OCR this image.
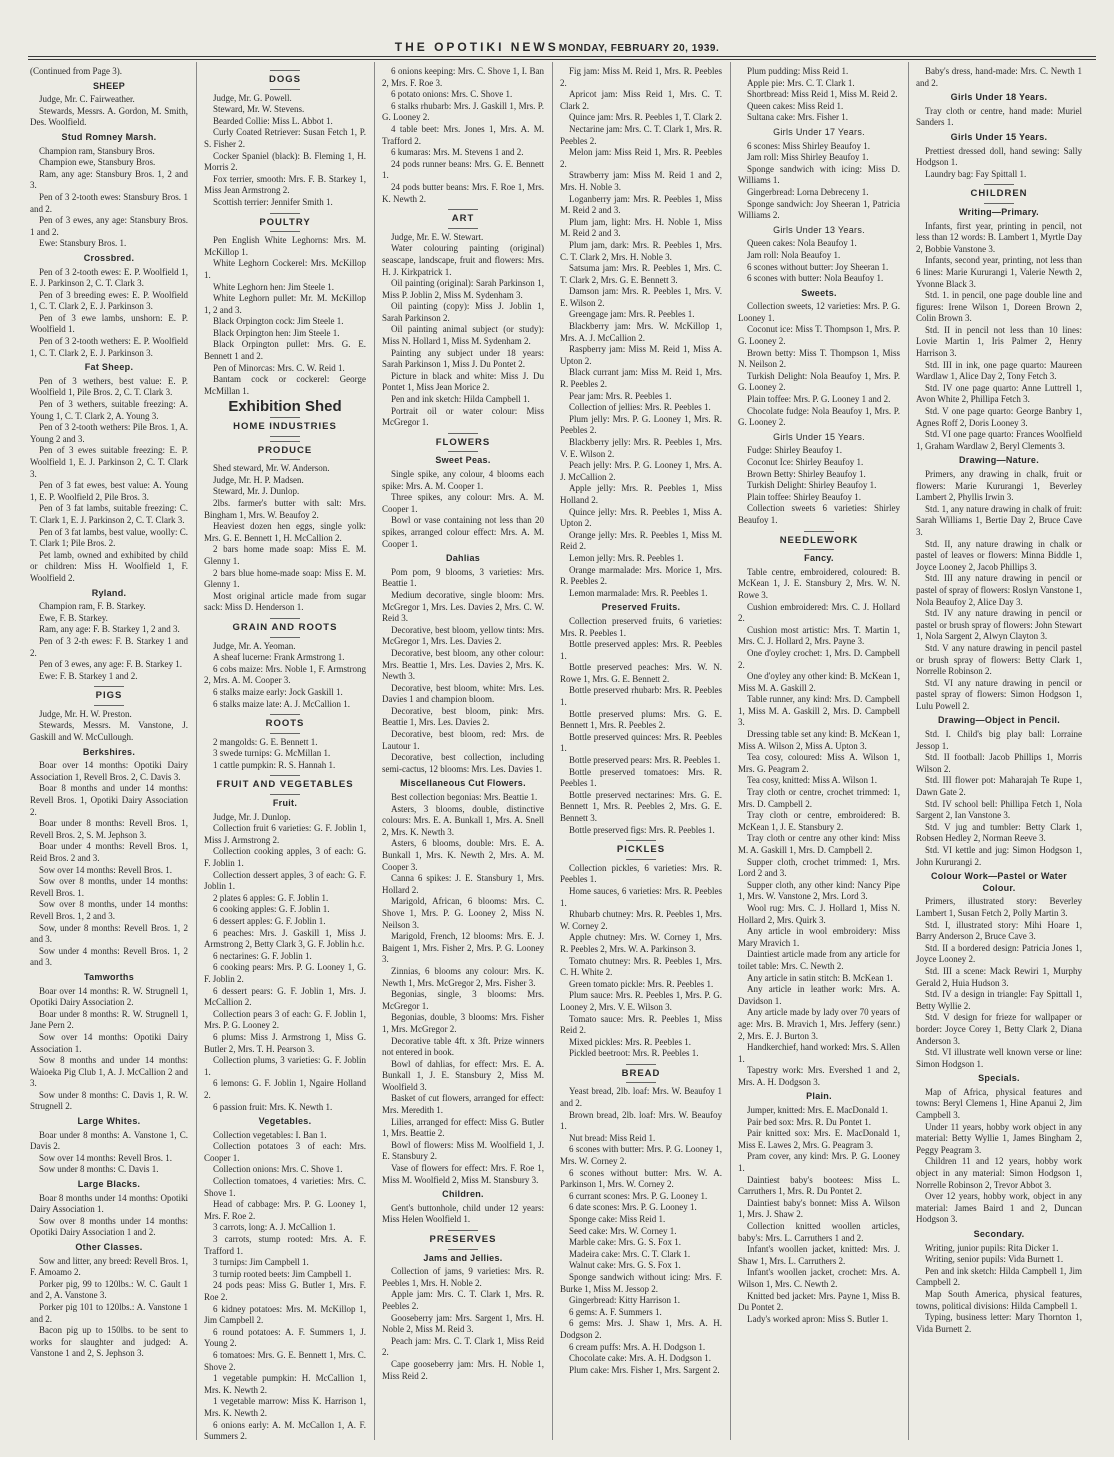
THE OPOTIKI NEWSMONDAY, FEBRUARY 20, 1939.

(Continued from Page 3).

SHEEP

Judge, Mr. C. Fairweather.

Stewards, Messrs. A. Gordon, M. Smith, Des. Woolfield.

Stud Romney Marsh.

Champion ram, Stansbury Bros.

Champion ewe, Stansbury Bros.

Ram, any age: Stansbury Bros. 1, 2 and 3.

Pen of 3 2-tooth ewes: Stansbury Bros. 1 and 2.

Pen of 3 ewes, any age: Stansbury Bros. 1 and 2.

Ewe: Stansbury Bros. 1.

Crossbred.

Pen of 3 2-tooth ewes: E. P. Woolfield 1, E. J. Parkinson 2, C. T. Clark 3.

Pen of 3 breeding ewes: E. P. Woolfield 1, C. T. Clark 2, E. J. Parkinson 3.

Pen of 3 ewe lambs, unshorn: E. P. Woolfield 1.

Pen of 3 2-tooth wethers: E. P. Woolfield 1, C. T. Clark 2, E. J. Parkinson 3.

Fat Sheep.

Pen of 3 wethers, best value: E. P. Woolfield 1, Pile Bros. 2, C. T. Clark 3.

Pen of 3 wethers, suitable freezing: A. Young 1, C. T. Clark 2, A. Young 3.

Pen of 3 2-tooth wethers: Pile Bros. 1, A. Young 2 and 3.

Pen of 3 ewes suitable freezing: E. P. Woolfield 1, E. J. Parkinson 2, C. T. Clark 3.

Pen of 3 fat ewes, best value: A. Young 1, E. P. Woolfield 2, Pile Bros. 3.

Pen of 3 fat lambs, suitable freezing: C. T. Clark 1, E. J. Parkinson 2, C. T. Clark 3.

Pen of 3 fat lambs, best value, woolly: C. T. Clark 1; Pile Bros. 2.

Pet lamb, owned and exhibited by child or children: Miss H. Woolfield 1, F. Woolfield 2.

Ryland.

Champion ram, F. B. Starkey.

Ewe, F. B. Starkey.

Ram, any age: F. B. Starkey 1, 2 and 3.

Pen of 3 2-th ewes: F. B. Starkey 1 and 2.

Pen of 3 ewes, any age: F. B. Starkey 1.

Ewe: F. B. Starkey 1 and 2.

PIGS

Judge, Mr. H. W. Preston.

Stewards, Messrs. M. Vanstone, J. Gaskill and W. McCullough.

Berkshires.

Boar over 14 months: Opotiki Dairy Association 1, Revell Bros. 2, C. Davis 3.

Boar 8 months and under 14 months: Revell Bros. 1, Opotiki Dairy Association 2.

Boar under 8 months: Revell Bros. 1, Revell Bros. 2, S. M. Jephson 3.

Boar under 4 months: Revell Bros. 1, Reid Bros. 2 and 3.

Sow over 14 months: Revell Bros. 1.

Sow over 8 months, under 14 months: Revell Bros. 1.

Sow over 8 months, under 14 months: Revell Bros. 1, 2 and 3.

Sow, under 8 months: Revell Bros. 1, 2 and 3.

Sow under 4 months: Revell Bros. 1, 2 and 3.

Tamworths

Boar over 14 months: R. W. Strugnell 1, Opotiki Dairy Association 2.

Boar under 8 months: R. W. Strugnell 1, Jane Pern 2.

Sow over 14 months: Opotiki Dairy Association 1.

Sow 8 months and under 14 months: Waioeka Pig Club 1, A. J. McCallion 2 and 3.

Sow under 8 months: C. Davis 1, R. W. Strugnell 2.

Large Whites.

Boar under 8 months: A. Vanstone 1, C. Davis 2.

Sow over 14 months: Revell Bros. 1.

Sow under 8 months: C. Davis 1.

Large Blacks.

Boar 8 months under 14 months: Opotiki Dairy Association 1.

Sow over 8 months under 14 months: Opotiki Dairy Association 1 and 2.

Other Classes.

Sow and litter, any breed: Revell Bros. 1, F. Amoamo 2.

Porker pig, 99 to 120lbs.: W. C. Gault 1 and 2, A. Vanstone 3.

Porker pig 101 to 120lbs.: A. Vanstone 1 and 2.

Bacon pig up to 150lbs. to be sent to works for slaughter and judged: A. Vanstone 1 and 2, S. Jephson 3.

DOGS

Judge, Mr. G. Powell.

Steward, Mr. W. Stevens.

Bearded Collie: Miss L. Abbot 1.

Curly Coated Retriever: Susan Fetch 1, P. S. Fisher 2.

Cocker Spaniel (black): B. Fleming 1, H. Morris 2.

Fox terrier, smooth: Mrs. F. B. Starkey 1, Miss Jean Armstrong 2.

Scottish terrier: Jennifer Smith 1.

POULTRY

Pen English White Leghorns: Mrs. M. McKillop 1.

White Leghorn Cockerel: Mrs. McKillop 1.

White Leghorn hen: Jim Steele 1.

White Leghorn pullet: Mr. M. McKillop 1, 2 and 3.

Black Orpington cock: Jim Steele 1.

Black Orpington hen: Jim Steele 1.

Black Orpington pullet: Mrs. G. E. Bennett 1 and 2.

Pen of Minorcas: Mrs. C. W. Reid 1.

Bantam cock or cockerel: George McMillan 1.

Exhibition Shed
HOME INDUSTRIES
PRODUCE

Shed steward, Mr. W. Anderson.

Judge, Mr. H. P. Madsen.

Steward, Mr. J. Dunlop.

2lbs. farmer's butter with salt: Mrs. Bingham 1, Mrs. W. Beaufoy 2.

Heaviest dozen hen eggs, single yolk: Mrs. G. E. Bennett 1, H. McCallion 2.

2 bars home made soap: Miss E. M. Glenny 1.

2 bars blue home-made soap: Miss E. M. Glenny 1.

Most original article made from sugar sack: Miss D. Henderson 1.

GRAIN AND ROOTS

Judge, Mr. A. Yeoman.

A sheaf lucerne: Frank Armstrong 1.

6 cobs maize: Mrs. Noble 1, F. Armstrong 2, Mrs. A. M. Cooper 3.

6 stalks maize early: Jock Gaskill 1.

6 stalks maize late: A. J. McCallion 1.

ROOTS

2 mangolds: G. E. Bennett 1.

3 swede turnips: G. McMillan 1.

1 cattle pumpkin: R. S. Hannah 1.

FRUIT AND VEGETABLES
Fruit.

Judge, Mr. J. Dunlop.

Collection fruit 6 varieties: G. F. Joblin 1, Miss J. Armstrong 2.

Collection cooking apples, 3 of each: G. F. Joblin 1.

Collection dessert apples, 3 of each: G. F. Joblin 1.

2 plates 6 apples: G. F. Joblin 1.

6 cooking apples: G. F. Joblin 1.

6 dessert apples: G. F. Joblin 1.

6 peaches: Mrs. J. Gaskill 1, Miss J. Armstrong 2, Betty Clark 3, G. F. Joblin h.c.

6 nectarines: G. F. Joblin 1.

6 cooking pears: Mrs. P. G. Looney 1, G. F. Joblin 2.

6 dessert pears: G. F. Joblin 1, Mrs. J. McCallion 2.

Collection pears 3 of each: G. F. Joblin 1, Mrs. P. G. Looney 2.

6 plums: Miss J. Armstrong 1, Miss G. Butler 2, Mrs. T. H. Pearson 3.

Collection plums, 3 varieties: G. F. Joblin 1.

6 lemons: G. F. Joblin 1, Ngaire Holland 2.

6 passion fruit: Mrs. K. Newth 1.

Vegetables.

Collection vegetables: I. Ban 1.

Collection potatoes 3 of each: Mrs. Cooper 1.

Collection onions: Mrs. C. Shove 1.

Collection tomatoes, 4 varieties: Mrs. C. Shove 1.

Head of cabbage: Mrs. P. G. Looney 1, Mrs. F. Roe 2.

3 carrots, long: A. J. McCallion 1.

3 carrots, stump rooted: Mrs. A. F. Trafford 1.

3 turnips: Jim Campbell 1.

3 turnip rooted beets: Jim Campbell 1.

24 pods peas: Miss G. Butler 1, Mrs. F. Roe 2.

6 kidney potatoes: Mrs. M. McKillop 1, Jim Campbell 2.

6 round potatoes: A. F. Summers 1, J. Young 2.

6 tomatoes: Mrs. G. E. Bennett 1, Mrs. C. Shove 2.

1 vegetable pumpkin: H. McCallion 1, Mrs. K. Newth 2.

1 vegetable marrow: Miss K. Harrison 1, Mrs. K. Newth 2.

6 onions early: A. M. McCallon 1, A. F. Summers 2.

6 onions keeping: Mrs. C. Shove 1, I. Ban 2, Mrs. F. Roe 3.

6 potato onions: Mrs. C. Shove 1.

6 stalks rhubarb: Mrs. J. Gaskill 1, Mrs. P. G. Looney 2.

4 table beet: Mrs. Jones 1, Mrs. A. M. Trafford 2.

6 kumaras: Mrs. M. Stevens 1 and 2.

24 pods runner beans: Mrs. G. E. Bennett 1.

24 pods butter beans: Mrs. F. Roe 1, Mrs. K. Newth 2.

ART

Judge, Mr. E. W. Stewart.

Water colouring painting (original) seascape, landscape, fruit and flowers: Mrs. H. J. Kirkpatrick 1.

Oil painting (original): Sarah Parkinson 1, Miss P. Joblin 2, Miss M. Sydenham 3.

Oil painting (copy): Miss J. Joblin 1, Sarah Parkinson 2.

Oil painting animal subject (or study): Miss N. Hollard 1, Miss M. Sydenham 2.

Painting any subject under 18 years: Sarah Parkinson 1, Miss J. Du Pontet 2.

Picture in black and white: Miss J. Du Pontet 1, Miss Jean Morice 2.

Pen and ink sketch: Hilda Campbell 1.

Portrait oil or water colour: Miss McGregor 1.

FLOWERS
Sweet Peas.

Single spike, any colour, 4 blooms each spike: Mrs. A. M. Cooper 1.

Three spikes, any colour: Mrs. A. M. Cooper 1.

Bowl or vase containing not less than 20 spikes, arranged colour effect: Mrs. A. M. Cooper 1.

Dahlias

Pom pom, 9 blooms, 3 varieties: Mrs. Beattie 1.

Medium decorative, single bloom: Mrs. McGregor 1, Mrs. Les. Davies 2, Mrs. C. W. Reid 3.

Decorative, best bloom, yellow tints: Mrs. McGregor 1, Mrs. Les. Davies 2.

Decorative, best bloom, any other colour: Mrs. Beattie 1, Mrs. Les. Davies 2, Mrs. K. Newth 3.

Decorative, best bloom, white: Mrs. Les. Davies 1 and champion bloom.

Decorative, best bloom, pink: Mrs. Beattie 1, Mrs. Les. Davies 2.

Decorative, best bloom, red: Mrs. de Lautour 1.

Decorative, best collection, including semi-cactus, 12 blooms: Mrs. Les. Davies 1.

Miscellaneous Cut Flowers.

Best collection begonias: Mrs. Beattie 1.

Asters, 3 blooms, double, distinctive colours: Mrs. E. A. Bunkall 1, Mrs. A. Snell 2, Mrs. K. Newth 3.

Asters, 6 blooms, double: Mrs. E. A. Bunkall 1, Mrs. K. Newth 2, Mrs. A. M. Cooper 3.

Canna 6 spikes: J. E. Stansbury 1, Mrs. Hollard 2.

Marigold, African, 6 blooms: Mrs. C. Shove 1, Mrs. P. G. Looney 2, Miss N. Neilson 3.

Marigold, French, 12 blooms: Mrs. E. J. Baigent 1, Mrs. Fisher 2, Mrs. P. G. Looney 3.

Zinnias, 6 blooms any colour: Mrs. K. Newth 1, Mrs. McGregor 2, Mrs. Fisher 3.

Begonias, single, 3 blooms: Mrs. McGregor 1.

Begonias, double, 3 blooms: Mrs. Fisher 1, Mrs. McGregor 2.

Decorative table 4ft. x 3ft. Prize winners not entered in book.

Bowl of dahlias, for effect: Mrs. E. A. Bunkall 1, J. E. Stansbury 2, Miss M. Woolfield 3.

Basket of cut flowers, arranged for effect: Mrs. Meredith 1.

Lilies, arranged for effect: Miss G. Butler 1, Mrs. Beattie 2.

Bowl of flowers: Miss M. Woolfield 1, J. E. Stansbury 2.

Vase of flowers for effect: Mrs. F. Roe 1, Miss M. Woolfield 2, Miss M. Stansbury 3.

Children.

Gent's buttonhole, child under 12 years: Miss Helen Woolfield 1.

PRESERVES
Jams and Jellies.

Collection of jams, 9 varieties: Mrs. R. Peebles 1, Mrs. H. Noble 2.

Apple jam: Mrs. C. T. Clark 1, Mrs. R. Peebles 2.

Gooseberry jam: Mrs. Sargent 1, Mrs. H. Noble 2, Miss M. Reid 3.

Peach jam: Mrs. C. T. Clark 1, Miss Reid 2.

Cape gooseberry jam: Mrs. H. Noble 1, Miss Reid 2.

Fig jam: Miss M. Reid 1, Mrs. R. Peebles 2.

Apricot jam: Miss Reid 1, Mrs. C. T. Clark 2.

Quince jam: Mrs. R. Peebles 1, T. Clark 2.

Nectarine jam: Mrs. C. T. Clark 1, Mrs. R. Peebles 2.

Melon jam: Miss Reid 1, Mrs. R. Peebles 2.

Strawberry jam: Miss M. Reid 1 and 2, Mrs. H. Noble 3.

Loganberry jam: Mrs. R. Peebles 1, Miss M. Reid 2 and 3.

Plum jam, light: Mrs. H. Noble 1, Miss M. Reid 2 and 3.

Plum jam, dark: Mrs. R. Peebles 1, Mrs. C. T. Clark 2, Mrs. H. Noble 3.

Satsuma jam: Mrs. R. Peebles 1, Mrs. C. T. Clark 2, Mrs. G. E. Bennett 3.

Damson jam: Mrs. R. Peebles 1, Mrs. V. E. Wilson 2.

Greengage jam: Mrs. R. Peebles 1.

Blackberry jam: Mrs. W. McKillop 1, Mrs. A. J. McCallion 2.

Raspberry jam: Miss M. Reid 1, Miss A. Upton 2.

Black currant jam: Miss M. Reid 1, Mrs. R. Peebles 2.

Pear jam: Mrs. R. Peebles 1.

Collection of jellies: Mrs. R. Peebles 1.

Plum jelly: Mrs. P. G. Looney 1, Mrs. R. Peebles 2.

Blackberry jelly: Mrs. R. Peebles 1, Mrs. V. E. Wilson 2.

Peach jelly: Mrs. P. G. Looney 1, Mrs. A. J. McCallion 2.

Apple jelly: Mrs. R. Peebles 1, Miss Holland 2.

Quince jelly: Mrs. R. Peebles 1, Miss A. Upton 2.

Orange jelly: Mrs. R. Peebles 1, Miss M. Reid 2.

Lemon jelly: Mrs. R. Peebles 1.

Orange marmalade: Mrs. Morice 1, Mrs. R. Peebles 2.

Lemon marmalade: Mrs. R. Peebles 1.

Preserved Fruits.

Collection preserved fruits, 6 varieties: Mrs. R. Peebles 1.

Bottle preserved apples: Mrs. R. Peebles 1.

Bottle preserved peaches: Mrs. W. N. Rowe 1, Mrs. G. E. Bennett 2.

Bottle preserved rhubarb: Mrs. R. Peebles 1.

Bottle preserved plums: Mrs. G. E. Bennett 1, Mrs. R. Peebles 2.

Bottle preserved quinces: Mrs. R. Peebles 1.

Bottle preserved pears: Mrs. R. Peebles 1.

Bottle preserved tomatoes: Mrs. R. Peebles 1.

Bottle preserved nectarines: Mrs. G. E. Bennett 1, Mrs. R. Peebles 2, Mrs. G. E. Bennett 3.

Bottle preserved figs: Mrs. R. Peebles 1.

PICKLES

Collection pickles, 6 varieties: Mrs. R. Peebles 1.

Home sauces, 6 varieties: Mrs. R. Peebles 1.

Rhubarb chutney: Mrs. R. Peebles 1, Mrs. W. Corney 2.

Apple chutney: Mrs. W. Corney 1, Mrs. R. Peebles 2, Mrs. W. A. Parkinson 3.

Tomato chutney: Mrs. R. Peebles 1, Mrs. C. H. White 2.

Green tomato pickle: Mrs. R. Peebles 1.

Plum sauce: Mrs. R. Peebles 1, Mrs. P. G. Looney 2, Mrs. V. E. Wilson 3.

Tomato sauce: Mrs. R. Peebles 1, Miss Reid 2.

Mixed pickles: Mrs. R. Peebles 1.

Pickled beetroot: Mrs. R. Peebles 1.

BREAD

Yeast bread, 2lb. loaf: Mrs. W. Beaufoy 1 and 2.

Brown bread, 2lb. loaf: Mrs. W. Beaufoy 1.

Nut bread: Miss Reid 1.

6 scones with butter: Mrs. P. G. Looney 1, Mrs. W. Corney 2.

6 scones without butter: Mrs. W. A. Parkinson 1, Mrs. W. Corney 2.

6 currant scones: Mrs. P. G. Looney 1.

6 date scones: Mrs. P. G. Looney 1.

Sponge cake: Miss Reid 1.

Seed cake: Mrs. W. Corney 1.

Marble cake: Mrs. G. S. Fox 1.

Madeira cake: Mrs. C. T. Clark 1.

Walnut cake: Mrs. G. S. Fox 1.

Sponge sandwich without icing: Mrs. F. Burke 1, Miss M. Jessop 2.

Gingerbread: Kitty Harrison 1.

6 gems: A. F. Summers 1.

6 gems: Mrs. J. Shaw 1, Mrs. A. H. Dodgson 2.

6 cream puffs: Mrs. A. H. Dodgson 1.

Chocolate cake: Mrs. A. H. Dodgson 1.

Plum cake: Mrs. Fisher 1, Mrs. Sargent 2.

Plum pudding: Miss Reid 1.

Apple pie: Mrs. C. T. Clark 1.

Shortbread: Miss Reid 1, Miss M. Reid 2.

Queen cakes: Miss Reid 1.

Sultana cake: Mrs. Fisher 1.

Girls Under 17 Years.

6 scones: Miss Shirley Beaufoy 1.

Jam roll: Miss Shirley Beaufoy 1.

Sponge sandwich with icing: Miss D. Williams 1.

Gingerbread: Lorna Debreceny 1.

Sponge sandwich: Joy Sheeran 1, Patricia Williams 2.

Girls Under 13 Years.

Queen cakes: Nola Beaufoy 1.

Jam roll: Nola Beaufoy 1.

6 scones without butter: Joy Sheeran 1.

6 scones with butter: Nola Beaufoy 1.

Sweets.

Collection sweets, 12 varieties: Mrs. P. G. Looney 1.

Coconut ice: Miss T. Thompson 1, Mrs. P. G. Looney 2.

Brown betty: Miss T. Thompson 1, Miss N. Neilson 2.

Turkish Delight: Nola Beaufoy 1, Mrs. P. G. Looney 2.

Plain toffee: Mrs. P. G. Looney 1 and 2.

Chocolate fudge: Nola Beaufoy 1, Mrs. P. G. Looney 2.

Girls Under 15 Years.

Fudge: Shirley Beaufoy 1.

Coconut Ice: Shirley Beaufoy 1.

Brown Betty: Shirley Beaufoy 1.

Turkish Delight: Shirley Beaufoy 1.

Plain toffee: Shirley Beaufoy 1.

Collection sweets 6 varieties: Shirley Beaufoy 1.

NEEDLEWORK
Fancy.

Table centre, embroidered, coloured: B. McKean 1, J. E. Stansbury 2, Mrs. W. N. Rowe 3.

Cushion embroidered: Mrs. C. J. Hollard 2.

Cushion most artistic: Mrs. T. Martin 1, Mrs. C. J. Hollard 2, Mrs. Payne 3.

One d'oyley crochet: 1, Mrs. D. Campbell 2.

One d'oyley any other kind: B. McKean 1, Miss M. A. Gaskill 2.

Table runner, any kind: Mrs. D. Campbell 1, Miss M. A. Gaskill 2, Mrs. D. Campbell 3.

Dressing table set any kind: B. McKean 1, Miss A. Wilson 2, Miss A. Upton 3.

Tea cosy, coloured: Miss A. Wilson 1, Mrs. G. Peagram 2.

Tea cosy, knitted: Miss A. Wilson 1.

Tray cloth or centre, crochet trimmed: 1, Mrs. D. Campbell 2.

Tray cloth or centre, embroidered: B. McKean 1, J. E. Stansbury 2.

Tray cloth or centre any other kind: Miss M. A. Gaskill 1, Mrs. D. Campbell 2.

Supper cloth, crochet trimmed: 1, Mrs. Lord 2 and 3.

Supper cloth, any other kind: Nancy Pipe 1, Mrs. W. Vanstone 2, Mrs. Lord 3.

Wool rug: Mrs. C. J. Hollard 1, Miss N. Hollard 2, Mrs. Quirk 3.

Any article in wool embroidery: Miss Mary Mravich 1.

Daintiest article made from any article for toilet table: Mrs. C. Newth 2.

Any article in satin stitch: B. McKean 1.

Any article in leather work: Mrs. A. Davidson 1.

Any article made by lady over 70 years of age: Mrs. B. Mravich 1, Mrs. Jeffery (senr.) 2, Mrs. E. J. Burton 3.

Handkerchief, hand worked: Mrs. S. Allen 1.

Tapestry work: Mrs. Evershed 1 and 2, Mrs. A. H. Dodgson 3.

Plain.

Jumper, knitted: Mrs. E. MacDonald 1.

Pair bed sox: Mrs. R. Du Pontet 1.

Pair knitted sox: Mrs. E. MacDonald 1, Miss E. Lawes 2, Mrs. G. Peagram 3.

Pram cover, any kind: Mrs. P. G. Looney 1.

Daintiest baby's bootees: Miss L. Carruthers 1, Mrs. R. Du Pontet 2.

Daintiest baby's bonnet: Miss A. Wilson 1, Mrs. J. Shaw 2.

Collection knitted woollen articles, baby's: Mrs. L. Carruthers 1 and 2.

Infant's woollen jacket, knitted: Mrs. J. Shaw 1, Mrs. L. Carruthers 2.

Infant's woollen jacket, crochet: Mrs. A. Wilson 1, Mrs. C. Newth 2.

Knitted bed jacket: Mrs. Payne 1, Miss B. Du Pontet 2.

Lady's worked apron: Miss S. Butler 1.

Baby's dress, hand-made: Mrs. C. Newth 1 and 2.

Girls Under 18 Years.

Tray cloth or centre, hand made: Muriel Sanders 1.

Girls Under 15 Years.

Prettiest dressed doll, hand sewing: Sally Hodgson 1.

Laundry bag: Fay Spittall 1.

CHILDREN
Writing—Primary.

Infants, first year, printing in pencil, not less than 12 words: B. Lambert 1, Myrtle Day 2, Bobbie Vanstone 3.

Infants, second year, printing, not less than 6 lines: Marie Kururangi 1, Valerie Newth 2, Yvonne Black 3.

Std. 1. in pencil, one page double line and figures: Irene Wilson 1, Doreen Brown 2, Colin Brown 3.

Std. II in pencil not less than 10 lines: Lovie Martin 1, Iris Palmer 2, Henry Harrison 3.

Std. III in ink, one page quarto: Maureen Wardlaw 1, Alice Day 2, Tony Fetch 3.

Std. IV one page quarto: Anne Luttrell 1, Avon White 2, Phillipa Fetch 3.

Std. V one page quarto: George Banbry 1, Agnes Roff 2, Doris Looney 3.

Std. VI one page quarto: Frances Woolfield 1, Graham Wardlaw 2, Beryl Clements 3.

Drawing—Nature.

Primers, any drawing in chalk, fruit or flowers: Marie Kururangi 1, Beverley Lambert 2, Phyllis Irwin 3.

Std. 1, any nature drawing in chalk of fruit: Sarah Williams 1, Bertie Day 2, Bruce Cave 3.

Std. II, any nature drawing in chalk or pastel of leaves or flowers: Minna Biddle 1, Joyce Looney 2, Jacob Phillips 3.

Std. III any nature drawing in pencil or pastel of spray of flowers: Roslyn Vanstone 1, Nola Beaufoy 2, Alice Day 3.

Std. IV any nature drawing in pencil or pastel or brush spray of flowers: John Stewart 1, Nola Sargent 2, Alwyn Clayton 3.

Std. V any nature drawing in pencil pastel or brush spray of flowers: Betty Clark 1, Norrelle Robinson 2.

Std. VI any nature drawing in pencil or pastel spray of flowers: Simon Hodgson 1, Lulu Powell 2.

Drawing—Object in Pencil.

Std. I. Child's big play ball: Lorraine Jessop 1.

Std. II football: Jacob Phillips 1, Morris Wilson 2.

Std. III flower pot: Maharajah Te Rupe 1, Dawn Gate 2.

Std. IV school bell: Phillipa Fetch 1, Nola Sargent 2, Ian Vanstone 3.

Std. V jug and tumbler: Betty Clark 1, Robsen Hedley 2, Norman Reeve 3.

Std. VI kettle and jug: Simon Hodgson 1, John Kururangi 2.

Colour Work—Pastel or Water Colour.

Primers, illustrated story: Beverley Lambert 1, Susan Fetch 2, Polly Martin 3.

Std. I, illustrated story: Mihi Hoare 1, Barry Anderson 2, Bruce Cave 3.

Std. II a bordered design: Patricia Jones 1, Joyce Looney 2.

Std. III a scene: Mack Rewiri 1, Murphy Gerald 2, Huia Hudson 3.

Std. IV a design in triangle: Fay Spittall 1, Betty Wyllie 2.

Std. V design for frieze for wallpaper or border: Joyce Corey 1, Betty Clark 2, Diana Anderson 3.

Std. VI illustrate well known verse or line: Simon Hodgson 1.

Specials.

Map of Africa, physical features and towns: Beryl Clemens 1, Hine Apanui 2, Jim Campbell 3.

Under 11 years, hobby work object in any material: Betty Wyllie 1, James Bingham 2, Peggy Peagram 3.

Children 11 and 12 years, hobby work object in any material: Simon Hodgson 1, Norrelle Robinson 2, Trevor Abbot 3.

Over 12 years, hobby work, object in any material: James Baird 1 and 2, Duncan Hodgson 3.

Secondary.

Writing, junior pupils: Rita Dicker 1.

Writing, senior pupils: Vida Burnett 1.

Pen and ink sketch: Hilda Campbell 1, Jim Campbell 2.

Map South America, physical features, towns, political divisions: Hilda Campbell 1.

Typing, business letter: Mary Thornton 1, Vida Burnett 2.
